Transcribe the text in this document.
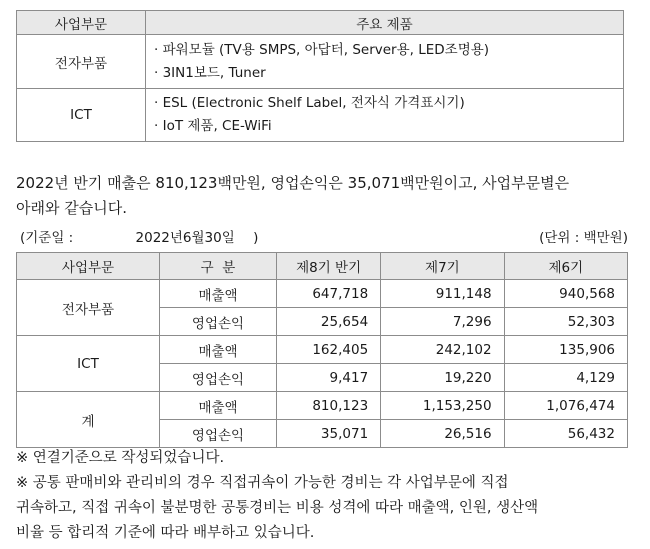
사업부문	주요 제품
전자부품	· 파워모듈 (TV용 SMPS, 아답터, Server용, LED조명용)
· 3IN1보드, Tuner

ICT	· ESL (Electronic Shelf Label, 전자식 가격표시기)
· IoT 제품, CE-WiFi
2022년 반기 매출은 810,123백만원, 영업손익은 35,071백만원이고, 사업부문별은
아래와 같습니다.
(기준일 :	2022년6월30일 )	(단위 : 백만원)
사업부문	구  분	제8기 반기	제7기	제6기
전자부품	매출액	647,718	911,148	940,568
	영업손익	25,654	7,296	52,303
ICT	매출액	162,405	242,102	135,906
	영업손익	9,417	19,220	4,129
계	매출액	810,123	1,153,250	1,076,474
	영업손익	35,071	26,516	56,432
※ 연결기준으로 작성되었습니다.
※ 공통 판매비와 관리비의 경우 직접귀속이 가능한 경비는 각 사업부문에 직접
귀속하고, 직접 귀속이 불분명한 공통경비는 비용 성격에 따라 매출액, 인원, 생산액
비율 등 합리적 기준에 따라 배부하고 있습니다.
